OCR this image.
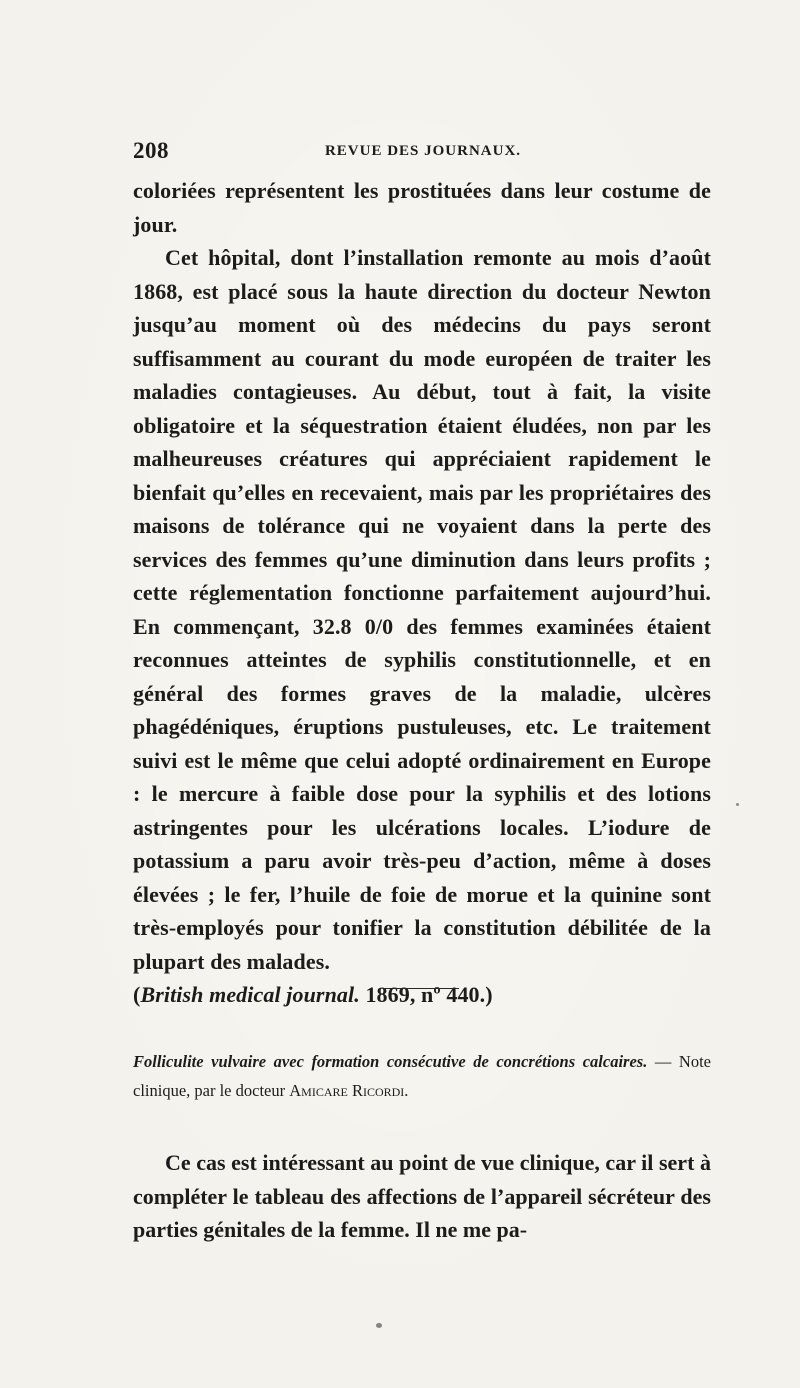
208	REVUE DES JOURNAUX.

coloriées représentent les prostituées dans leur costume de jour.

Cet hôpital, dont l’installation remonte au mois d’août 1868, est placé sous la haute direction du docteur Newton jusqu’au moment où des médecins du pays seront suffisamment au courant du mode européen de traiter les maladies contagieuses. Au début, tout à fait, la visite obligatoire et la séquestration étaient éludées, non par les malheureuses créatures qui appréciaient rapidement le bienfait qu’elles en recevaient, mais par les propriétaires des maisons de tolérance qui ne voyaient dans la perte des services des femmes qu’une diminution dans leurs profits ; cette réglementation fonctionne parfaitement aujourd’hui. En commençant, 32.8 0/0 des femmes examinées étaient reconnues atteintes de syphilis constitutionnelle, et en général des formes graves de la maladie, ulcères phagédéniques, éruptions pustuleuses, etc. Le traitement suivi est le même que celui adopté ordinairement en Europe : le mercure à faible dose pour la syphilis et des lotions astringentes pour les ulcérations locales. L’iodure de potassium a paru avoir très-peu d’action, même à doses élevées ; le fer, l’huile de foie de morue et la quinine sont très-employés pour tonifier la constitution débilitée de la plupart des malades.
(British medical journal. 1869, nº 440.)

Folliculite vulvaire avec formation consécutive de concrétions calcaires. — Note clinique, par le docteur Amicare Ricordi.

Ce cas est intéressant au point de vue clinique, car il sert à compléter le tableau des affections de l’appareil sécréteur des parties génitales de la femme. Il ne me pa-
